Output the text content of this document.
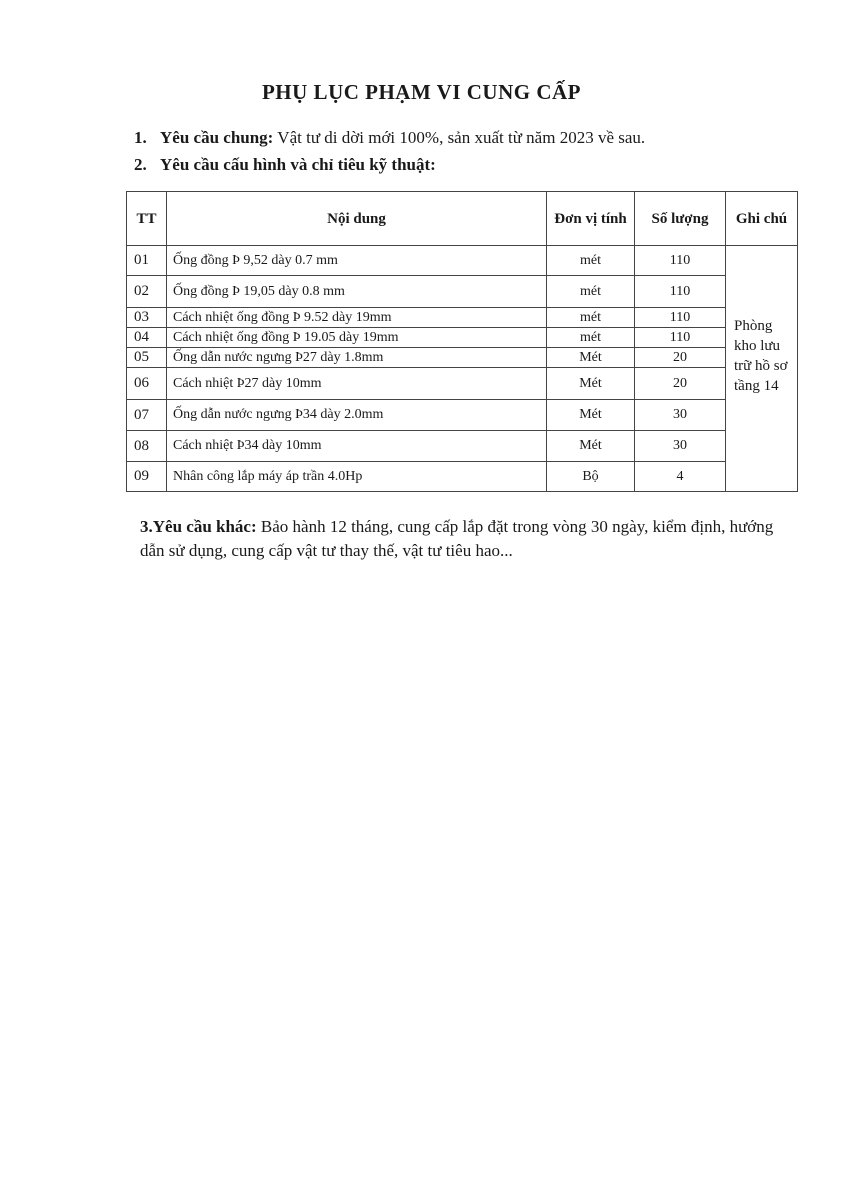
PHỤ LỤC PHẠM VI CUNG CẤP
1. Yêu cầu chung: Vật tư di dời mới 100%, sản xuất từ năm 2023 về sau.
2. Yêu cầu cấu hình và chỉ tiêu kỹ thuật:
TT	Nội dung	Đơn vị tính	Số lượng	Ghi chú
01	Ống đồng Þ 9,52 dày 0.7 mm	mét	110	Phòng kho lưu trữ hồ sơ tầng 14
02	Ống đồng Þ 19,05 dày 0.8 mm	mét	110	
03	Cách nhiệt ống đồng Þ 9.52 dày 19mm	mét	110	
04	Cách nhiệt ống đồng Þ 19.05 dày 19mm	mét	110	
05	Ống dẫn nước ngưng Þ27 dày 1.8mm	Mét	20	
06	Cách nhiệt Þ27 dày 10mm	Mét	20	
07	Ống dẫn nước ngưng Þ34 dày 2.0mm	Mét	30	
08	Cách nhiệt Þ34 dày 10mm	Mét	30	
09	Nhân công lắp máy áp trần 4.0Hp	Bộ	4	
3.Yêu cầu khác: Bảo hành 12 tháng, cung cấp lắp đặt trong vòng 30 ngày, kiểm định, hướng dẫn sử dụng, cung cấp vật tư thay thế, vật tư tiêu hao...
